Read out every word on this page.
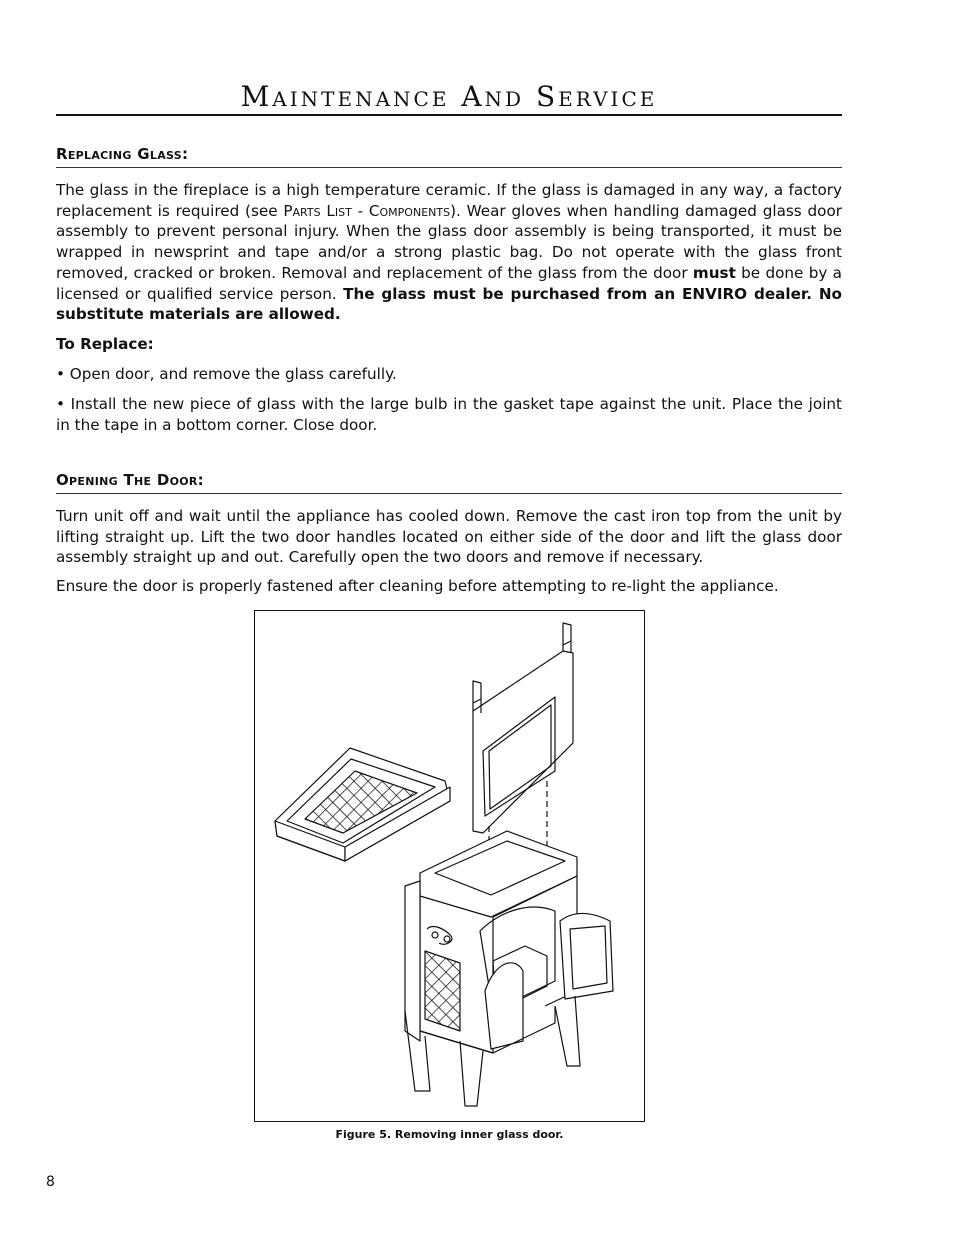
Maintenance And Service
Replacing Glass:

The glass in the fireplace is a high temperature ceramic. If the glass is damaged in any way, a factory replacement is required (see Parts List - Components). Wear gloves when handling damaged glass door assembly to prevent personal injury. When the glass door assembly is being transported, it must be wrapped in newsprint and tape and/or a strong plastic bag. Do not operate with the glass front removed, cracked or broken. Removal and replacement of the glass from the door must be done by a licensed or qualified service person. The glass must be purchased from an ENVIRO dealer. No substitute materials are allowed.

To Replace:
• Open door, and remove the glass carefully.
• Install the new piece of glass with the large bulb in the gasket tape against the unit. Place the joint in the tape in a bottom corner. Close door.
Opening The Door:

Turn unit off and wait until the appliance has cooled down. Remove the cast iron top from the unit by lifting straight up. Lift the two door handles located on either side of the door and lift the glass door assembly straight up and out. Carefully open the two doors and remove if necessary.

Ensure the door is properly fastened after cleaning before attempting to re-light the appliance.

Figure 5. Removing inner glass door.
8
